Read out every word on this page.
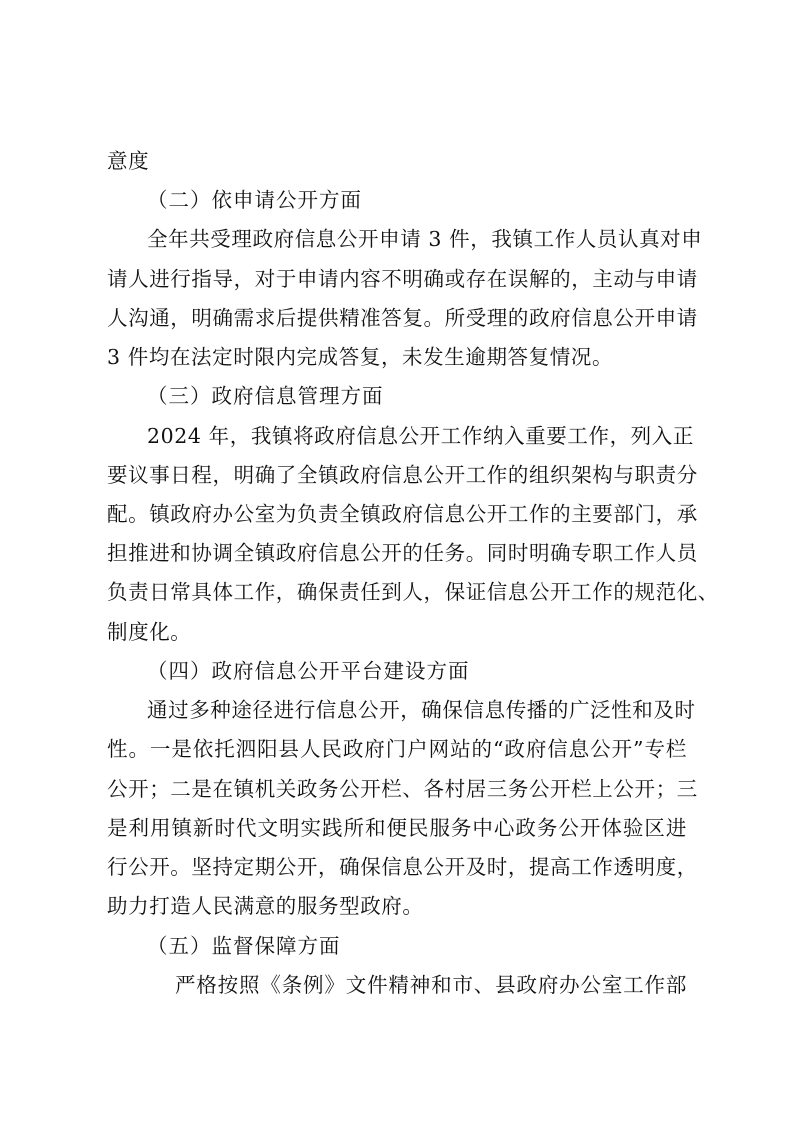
意度
（二）依申请公开方面
全年共受理政府信息公开申请 3 件，我镇工作人员认真对申
请人进行指导，对于申请内容不明确或存在误解的，主动与申请
人沟通，明确需求后提供精准答复。所受理的政府信息公开申请
3 件均在法定时限内完成答复，未发生逾期答复情况。
（三）政府信息管理方面
2024 年，我镇将政府信息公开工作纳入重要工作，列入正
要议事日程，明确了全镇政府信息公开工作的组织架构与职责分
配。镇政府办公室为负责全镇政府信息公开工作的主要部门，承
担推进和协调全镇政府信息公开的任务。同时明确专职工作人员
负责日常具体工作，确保责任到人，保证信息公开工作的规范化、
制度化。
（四）政府信息公开平台建设方面
通过多种途径进行信息公开，确保信息传播的广泛性和及时
性。一是依托泗阳县人民政府门户网站的“政府信息公开”专栏
公开；二是在镇机关政务公开栏、各村居三务公开栏上公开；三
是利用镇新时代文明实践所和便民服务中心政务公开体验区进
行公开。坚持定期公开，确保信息公开及时，提高工作透明度，
助力打造人民满意的服务型政府。
（五）监督保障方面
严格按照《条例》文件精神和市、县政府办公室工作部
